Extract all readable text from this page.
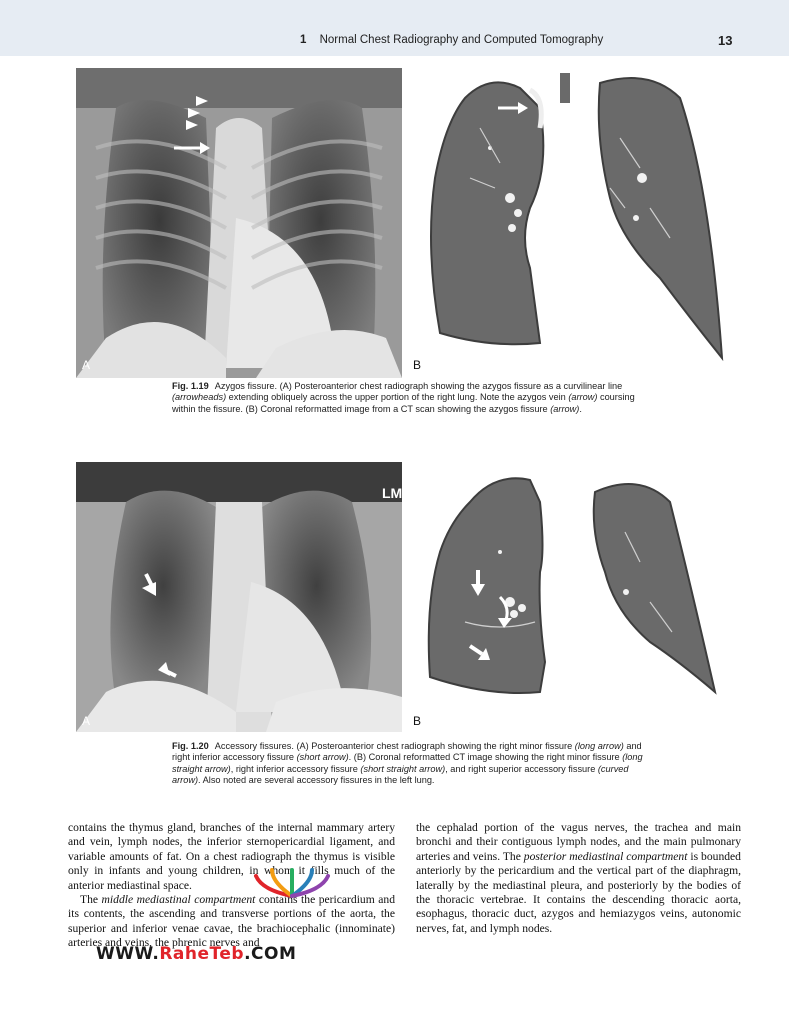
1 Normal Chest Radiography and Computed Tomography	13
A	B
Fig. 1.19 Azygos fissure. (A) Posteroanterior chest radiograph showing the azygos fissure as a curvilinear line (arrowheads) extending obliquely across the upper portion of the right lung. Note the azygos vein (arrow) coursing within the fissure. (B) Coronal reformatted image from a CT scan showing the azygos fissure (arrow).
LM
A	B
Fig. 1.20 Accessory fissures. (A) Posteroanterior chest radiograph showing the right minor fissure (long arrow) and right inferior accessory fissure (short arrow). (B) Coronal reformatted CT image showing the right minor fissure (long straight arrow), right inferior accessory fissure (short straight arrow), and right superior accessory fissure (curved arrow). Also noted are several accessory fissures in the left lung.

contains the thymus gland, branches of the internal mammary artery and vein, lymph nodes, the inferior sternopericardial ligament, and variable amounts of fat. On a chest radiograph the thymus is visible only in infants and young children, in whom it fills much of the anterior mediastinal space.

The middle mediastinal compartment contains the pericardium and its contents, the ascending and transverse portions of the aorta, the superior and inferior venae cavae, the brachiocephalic (innominate) arteries and veins, the phrenic nerves and

the cephalad portion of the vagus nerves, the trachea and main bronchi and their contiguous lymph nodes, and the main pulmonary arteries and veins. The posterior mediastinal compartment is bounded anteriorly by the pericardium and the vertical part of the diaphragm, laterally by the mediastinal pleura, and posteriorly by the bodies of the thoracic vertebrae. It contains the descending thoracic aorta, esophagus, thoracic duct, azygos and hemiazygos veins, autonomic nerves, fat, and lymph nodes.

WWW.RaheTeb.COM
